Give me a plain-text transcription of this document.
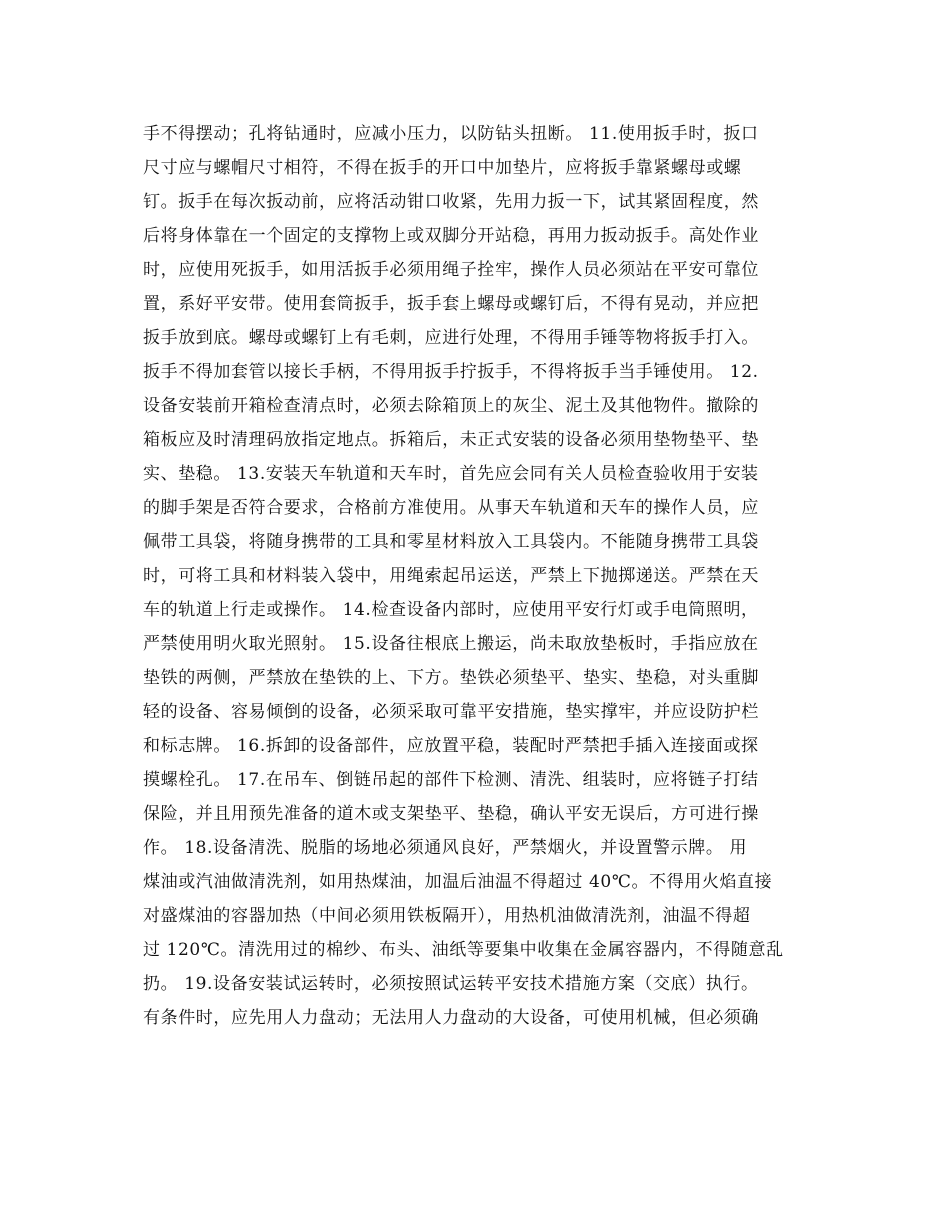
手不得摆动；孔将钻通时，应减小压力，以防钻头扭断。 11.使用扳手时，扳口
尺寸应与螺帽尺寸相符，不得在扳手的开口中加垫片，应将扳手靠紧螺母或螺
钉。扳手在每次扳动前，应将活动钳口收紧，先用力扳一下，试其紧固程度，然
后将身体靠在一个固定的支撑物上或双脚分开站稳，再用力扳动扳手。高处作业
时，应使用死扳手，如用活扳手必须用绳子拴牢，操作人员必须站在平安可靠位
置，系好平安带。使用套筒扳手，扳手套上螺母或螺钉后，不得有晃动，并应把
扳手放到底。螺母或螺钉上有毛刺，应进行处理，不得用手锤等物将扳手打入。
扳手不得加套管以接长手柄，不得用扳手拧扳手，不得将扳手当手锤使用。 12.
设备安装前开箱检查清点时，必须去除箱顶上的灰尘、泥土及其他物件。撤除的
箱板应及时清理码放指定地点。拆箱后，未正式安装的设备必须用垫物垫平、垫
实、垫稳。 13.安装天车轨道和天车时，首先应会同有关人员检查验收用于安装
的脚手架是否符合要求，合格前方准使用。从事天车轨道和天车的操作人员，应
佩带工具袋，将随身携带的工具和零星材料放入工具袋内。不能随身携带工具袋
时，可将工具和材料装入袋中，用绳索起吊运送，严禁上下抛掷递送。严禁在天
车的轨道上行走或操作。 14.检查设备内部时，应使用平安行灯或手电筒照明，
严禁使用明火取光照射。 15.设备往根底上搬运，尚未取放垫板时，手指应放在
垫铁的两侧，严禁放在垫铁的上、下方。垫铁必须垫平、垫实、垫稳，对头重脚
轻的设备、容易倾倒的设备，必须采取可靠平安措施，垫实撑牢，并应设防护栏
和标志牌。 16.拆卸的设备部件，应放置平稳，装配时严禁把手插入连接面或探
摸螺栓孔。 17.在吊车、倒链吊起的部件下检测、清洗、组装时，应将链子打结
保险，并且用预先准备的道木或支架垫平、垫稳，确认平安无误后，方可进行操
作。 18.设备清洗、脱脂的场地必须通风良好，严禁烟火，并设置警示牌。 用
煤油或汽油做清洗剂，如用热煤油，加温后油温不得超过 40℃。不得用火焰直接
对盛煤油的容器加热（中间必须用铁板隔开），用热机油做清洗剂，油温不得超
过 120℃。清洗用过的棉纱、布头、油纸等要集中收集在金属容器内，不得随意乱
扔。 19.设备安装试运转时，必须按照试运转平安技术措施方案（交底）执行。
有条件时，应先用人力盘动；无法用人力盘动的大设备，可使用机械，但必须确
